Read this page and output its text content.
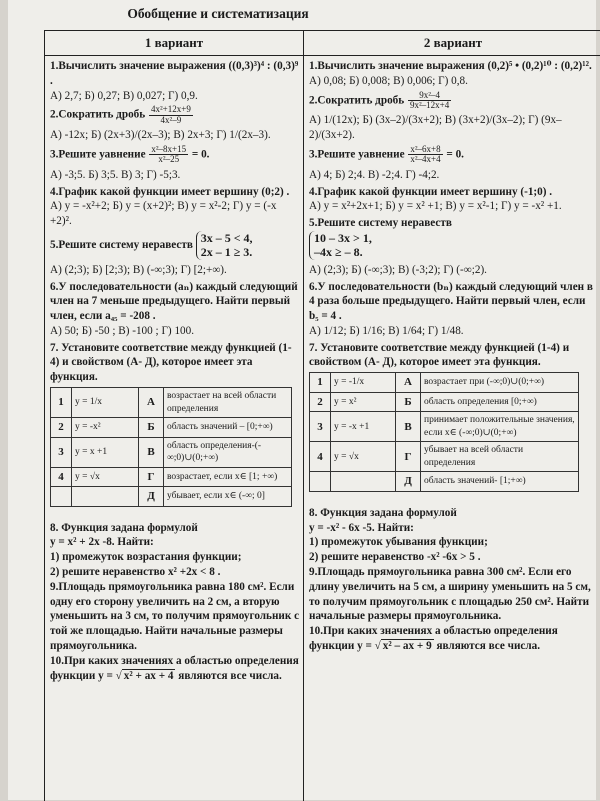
Обобщение и систематизация
1 вариант	2 вариант
1.Вычислить значение выражения ((0,3)³)⁴ : (0,3)⁹ .
А) 2,7; Б) 0,27; В) 0,027; Г) 0,9.
2.Сократить дробь $\frac{\text{4x²+12x+9}}{\text{4x²–9}}$
А) -12x; Б) (2x+3)/(2x–3); В) 2x+3; Г) 1/(2x–3).
3.Решите уавнение $\frac{\text{x²–8x+15}}{\text{x²–25}} = 0$.
А) -3;5. Б) 3;5. В) 3; Г) -5;3.
4.График какой функции имеет вершину (0;2) .
А) y = -x²+2; Б) y = (x+2)²; В) y = x²-2; Г) y = (-x +2)².
5.Решите систему неравеств 3x – 5 < 4,
2x – 1 ≥ 3.
А) (2;3); Б) [2;3); В) (-∞;3); Г) [2;+∞).
6.У последовательности (aₙ) каждый следующий член на 7 меньше предыдущего. Найти первый член, если a₄₅ = -208 .
А) 50; Б) -50 ; В) -100 ; Г) 100.
7. Установите соответствие между функцией (1-4) и свойством (А- Д), которое имеет эта функция.
1	y = 1/x	А	возрастает на всей области определения
2	y = -x²	Б	область значений – [0;+∞)
3	y = x +1	В	область определения-(-∞;0)∪(0;+∞)
4	y = √x	Г	возрастает, если x∈ [1; +∞)
		Д	убывает, если x∈ (-∞; 0]
8. Функция задана формулой
y = x² + 2x -8. Найти:
1) промежуток возрастания функции;
2) решите неравенство x² +2x < 8 .
9.Площадь прямоугольника равна 180 см². Если одну его сторону увеличить на 2 см, а вторую уменьшить на 3 см, то получим прямоугольник с той же площадью. Найти начальные размеры прямоугольника.
10.При каких значениях a областью определения функции y = √ x² + ax + 4 являются все числа.
1.Вычислить значение выражения (0,2)⁵ • (0,2)¹⁰ : (0,2)¹².
А) 0,08; Б) 0,008; В) 0,006; Г) 0,8.
2.Сократить дробь $\frac{\text{9x²–4}}{\text{9x²–12x+4}}$
А) 1/(12x); Б) (3x–2)/(3x+2); В) (3x+2)/(3x–2); Г) (9x–2)/(3x+2).
3.Решите уавнение $\frac{\text{x²–6x+8}}{\text{x²–4x+4}} = 0$.
А) 4; Б) 2;4. В) -2;4. Г) -4;2.
4.График какой функции имеет вершину (-1;0) .
А) y = x²+2x+1; Б) y = x² +1; В) y = x²-1; Г) y = -x² +1.
5.Решите систему неравеств
10 – 3x > 1,
–4x ≥ – 8.
А) (2;3); Б) (-∞;3); В) (-3;2); Г) (-∞;2).
6.У последовательности (bₙ) каждый следующий член в 4 раза больше предыдущего. Найти первый член, если b₅ = 4 .
А) 1/12; Б) 1/16; В) 1/64; Г) 1/48.
7. Установите соответствие между функцией (1-4) и свойством (А- Д), которое имеет эта функция.
1	y = -1/x	А	возрастает при (-∞;0)∪(0;+∞)
2	y = x²	Б	область определения [0;+∞)
3	y = -x +1	В	принимает положительные значения, если x∈ (-∞;0)∪(0;+∞)
4	y = √x	Г	убывает на всей области определения
		Д	область значений- [1;+∞)
8. Функция задана формулой
y = -x² - 6x -5. Найти:
1) промежуток убывания функции;
2) решите неравенство -x² -6x > 5 .
9.Площадь прямоугольника равна 300 см². Если его длину увеличить на 5 см, а ширину уменьшить на 5 см, то получим прямоугольник с площадью 250 см². Найти начальные размеры прямоугольника.
10.При каких значениях a областью определения функции y = √ x² – ax + 9 являются все числа.
